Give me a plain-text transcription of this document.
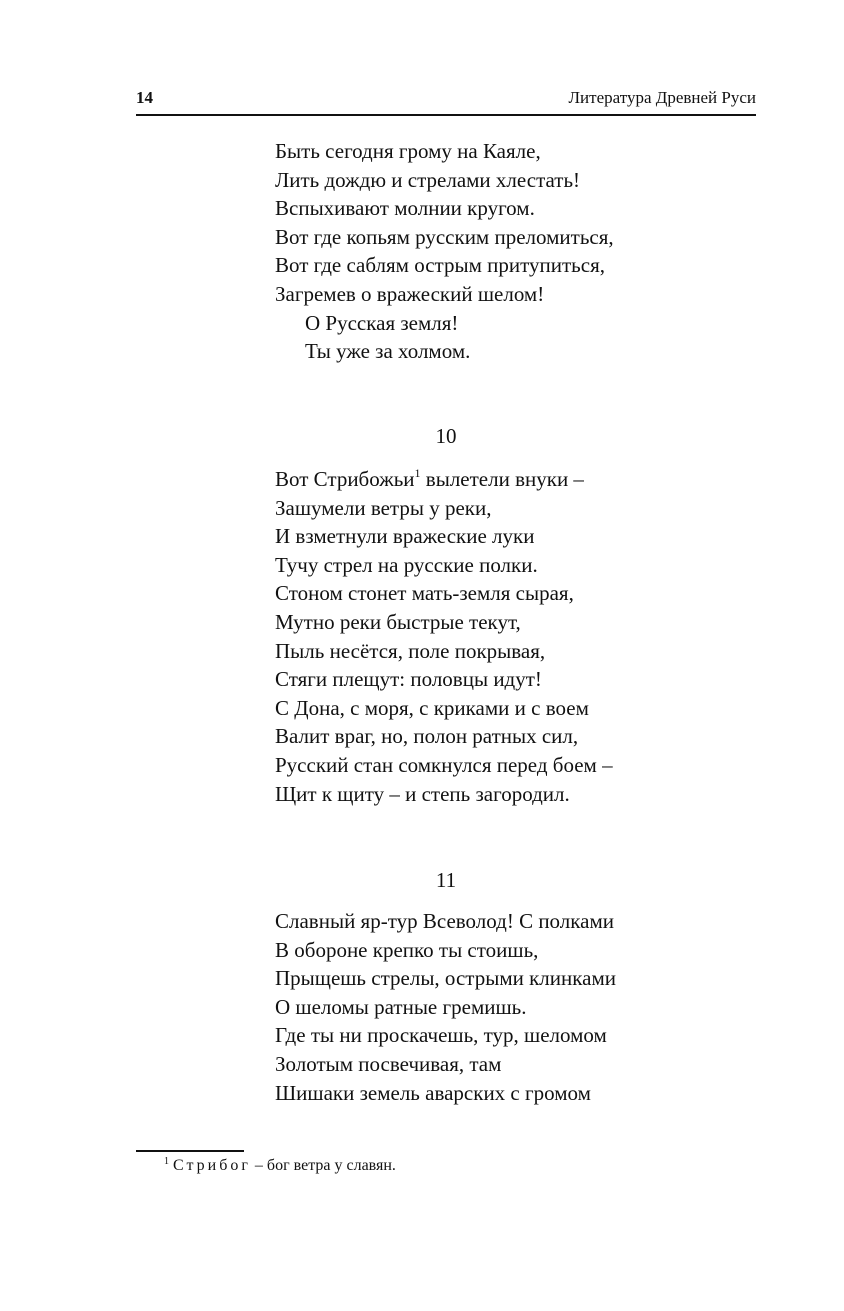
14	Литература Древней Руси
Быть сегодня грому на Каяле,
Лить дождю и стрелами хлестать!
Вспыхивают молнии кругом.
Вот где копьям русским преломиться,
Вот где саблям острым притупиться,
Загремев о вражеский шелом!
О Русская земля!
Ты уже за холмом.
10
Вот Стрибожьи$^1$ вылетели внуки –
Зашумели ветры у реки,
И взметнули вражеские луки
Тучу стрел на русские полки.
Стоном стонет мать-земля сырая,
Мутно реки быстрые текут,
Пыль несётся, поле покрывая,
Стяги плещут: половцы идут!
С Дона, с моря, с криками и с воем
Валит враг, но, полон ратных сил,
Русский стан сомкнулся перед боем –
Щит к щиту – и степь загородил.
11
Славный яр-тур Всеволод! С полками
В обороне крепко ты стоишь,
Прыщешь стрелы, острыми клинками
О шеломы ратные гремишь.
Где ты ни проскачешь, тур, шеломом
Золотым посвечивая, там
Шишаки земель аварских с громом
$^1$ Стрибог – бог ветра у славян.
